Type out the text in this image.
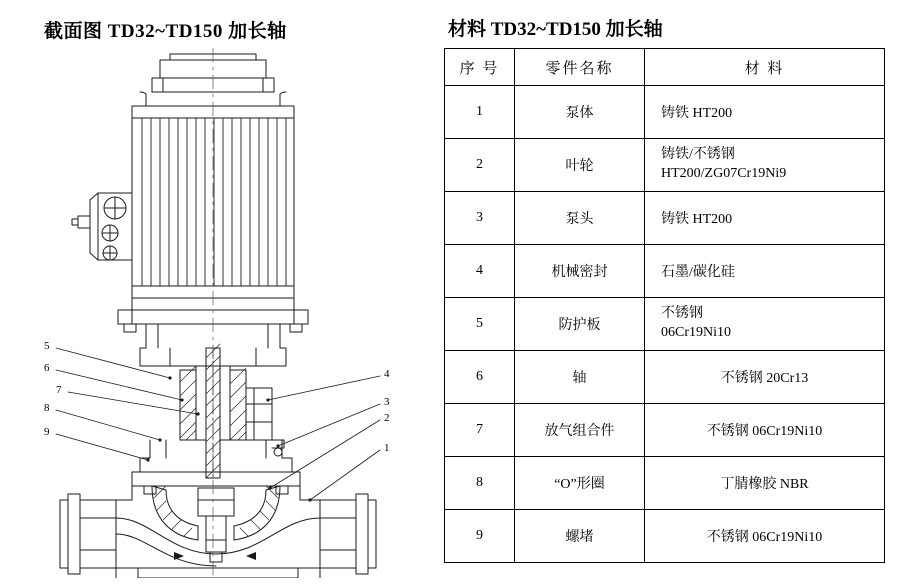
截面图 TD32~TD150 加长轴
5
6
7
8
9
4
3
2
1
材料 TD32~TD150 加长轴
序 号	零件名称	材 料
1	泵体	铸铁 HT200
2	叶轮	铸铁/不锈钢
HT200/ZG07Cr19Ni9

3	泵头	铸铁 HT200
4	机械密封	石墨/碳化硅
5	防护板	不锈钢
06Cr19Ni10

6	轴	不锈钢 20Cr13
7	放气组合件	不锈钢 06Cr19Ni10
8	“O”形圈	丁腈橡胶 NBR
9	螺堵	不锈钢 06Cr19Ni10
